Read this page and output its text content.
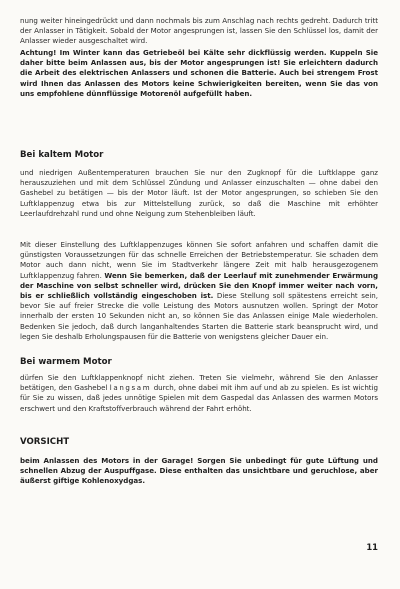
nung weiter hineingedrückt und dann nochmals bis zum Anschlag nach rechts gedreht. Dadurch tritt der Anlasser in Tätigkeit. Sobald der Motor angesprungen ist, lassen Sie den Schlüssel los, damit der Anlasser wieder ausgeschaltet wird.

Achtung! Im Winter kann das Getriebeöl bei Kälte sehr dickflüssig werden. Kuppeln Sie daher bitte beim Anlassen aus, bis der Motor angesprungen ist! Sie erleichtern dadurch die Arbeit des elektrischen Anlassers und schonen die Batterie. Auch bei strengem Frost wird Ihnen das Anlassen des Motors keine Schwierigkeiten bereiten, wenn Sie das von uns empfohlene dünnflüssige Motorenöl aufgefüllt haben.

Bei kaltem Motor

und niedrigen Außentemperaturen brauchen Sie nur den Zugknopf für die Luftklappe ganz herauszuziehen und mit dem Schlüssel Zündung und Anlasser einzuschalten — ohne dabei den Gashebel zu betätigen — bis der Motor läuft. Ist der Motor angesprungen, so schieben Sie den Luftklappenzug etwa bis zur Mittelstellung zurück, so daß die Maschine mit erhöhter Leerlaufdrehzahl rund und ohne Neigung zum Stehenbleiben läuft.

Mit dieser Einstellung des Luftklappenzuges können Sie sofort anfahren und schaffen damit die günstigsten Voraussetzungen für das schnelle Erreichen der Betriebstemperatur. Sie schaden dem Motor auch dann nicht, wenn Sie im Stadtverkehr längere Zeit mit halb herausgezogenem Luftklappenzug fahren. Wenn Sie bemerken, daß der Leerlauf mit zunehmender Erwärmung der Maschine von selbst schneller wird, drücken Sie den Knopf immer weiter nach vorn, bis er schließlich vollständig eingeschoben ist. Diese Stellung soll spätestens erreicht sein, bevor Sie auf freier Strecke die volle Leistung des Motors ausnutzen wollen. Springt der Motor innerhalb der ersten 10 Sekunden nicht an, so können Sie das Anlassen einige Male wiederholen. Bedenken Sie jedoch, daß durch langanhaltendes Starten die Batterie stark beansprucht wird, und legen Sie deshalb Erholungspausen für die Batterie von wenigstens gleicher Dauer ein.

Bei warmem Motor

dürfen Sie den Luftklappenknopf nicht ziehen. Treten Sie vielmehr, während Sie den Anlasser betätigen, den Gashebel langsam durch, ohne dabei mit ihm auf und ab zu spielen. Es ist wichtig für Sie zu wissen, daß jedes unnötige Spielen mit dem Gaspedal das Anlassen des warmen Motors erschwert und den Kraftstoffverbrauch während der Fahrt erhöht.

VORSICHT

beim Anlassen des Motors in der Garage! Sorgen Sie unbedingt für gute Lüftung und schnellen Abzug der Auspuffgase. Diese enthalten das unsichtbare und geruchlose, aber äußerst giftige Kohlenoxydgas.

11
